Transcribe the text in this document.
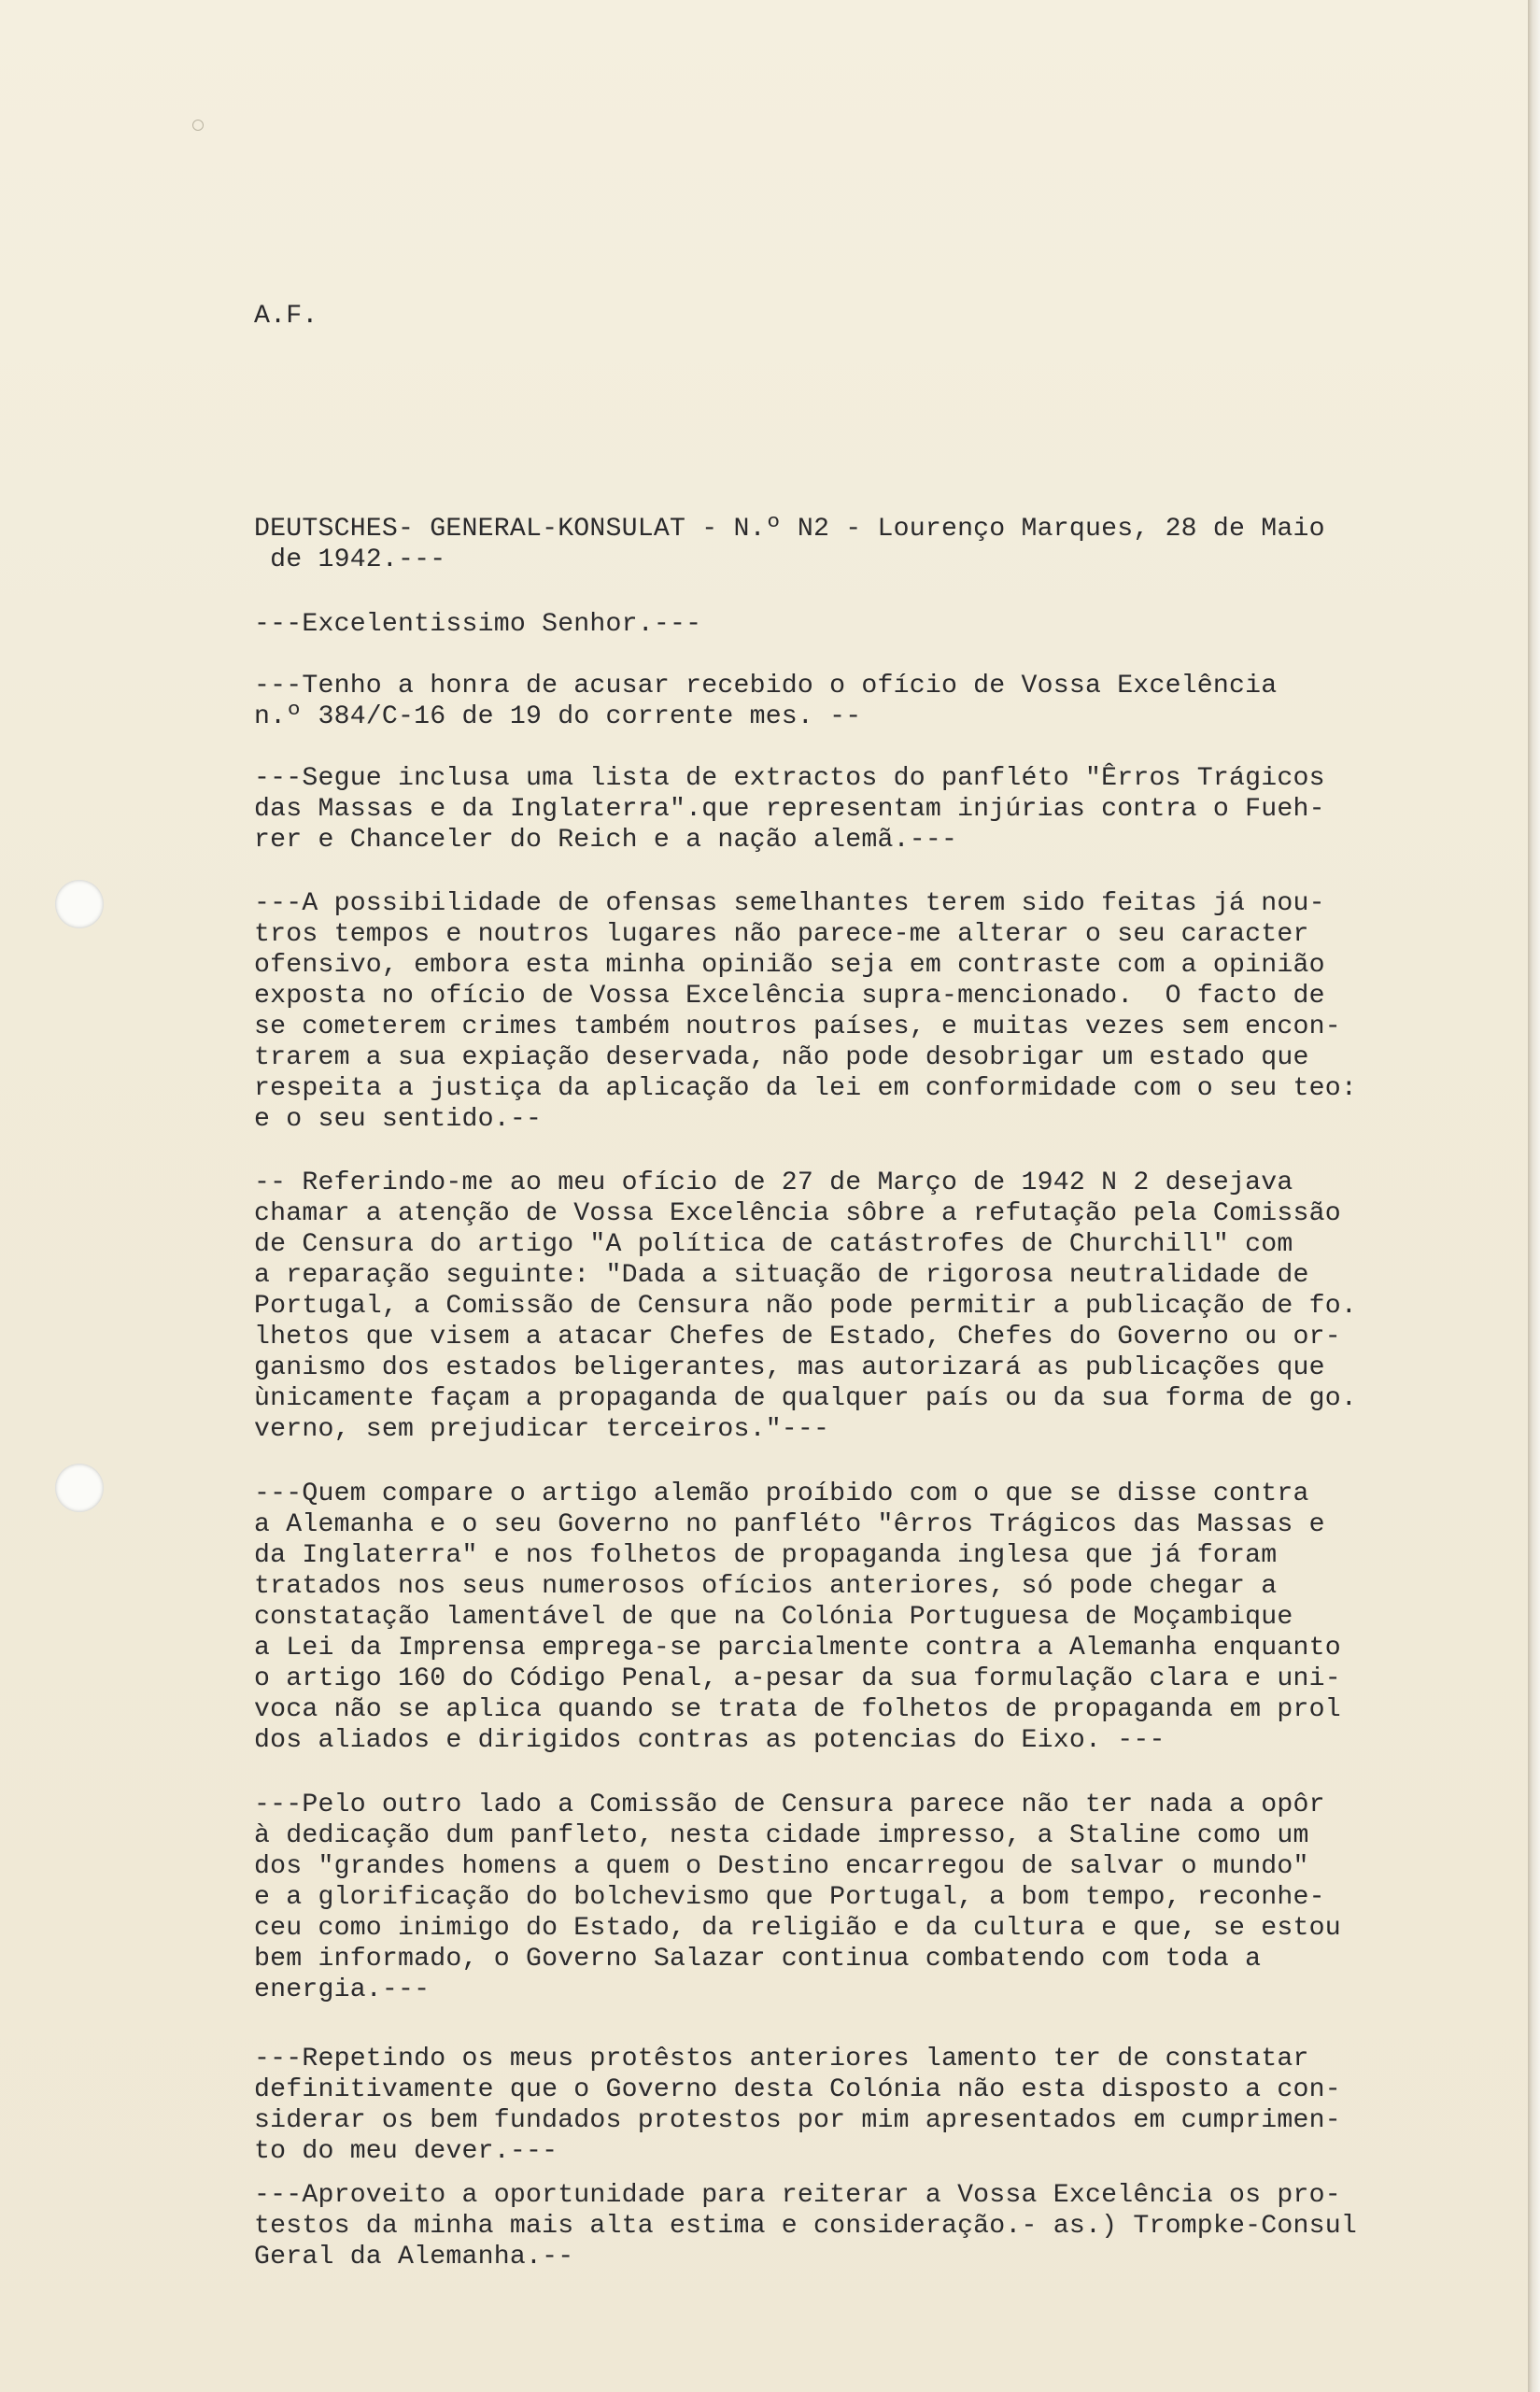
A.F.

DEUTSCHES- GENERAL-KONSULAT - N.º N2 - Lourenço Marques, 28 de Maio

de 1942.---

---Excelentissimo Senhor.---

---Tenho a honra de acusar recebido o ofício de Vossa Excelência

n.º 384/C-16 de 19 do corrente mes. --

---Segue inclusa uma lista de extractos do panfléto "Êrros Trágicos

das Massas e da Inglaterra".que representam injúrias contra o Fueh-

rer e Chanceler do Reich e a nação alemã.---

---A possibilidade de ofensas semelhantes terem sido feitas já nou-

tros tempos e noutros lugares não parece-me alterar o seu caracter

ofensivo, embora esta minha opinião seja em contraste com a opinião

exposta no ofício de Vossa Excelência supra-mencionado.  O facto de

se cometerem crimes também noutros países, e muitas vezes sem encon-

trarem a sua expiação deservada, não pode desobrigar um estado que

respeita a justiça da aplicação da lei em conformidade com o seu teo:

e o seu sentido.--

-- Referindo-me ao meu ofício de 27 de Março de 1942 N 2 desejava

chamar a atenção de Vossa Excelência sôbre a refutação pela Comissão

de Censura do artigo "A política de catástrofes de Churchill" com

a reparação seguinte: "Dada a situação de rigorosa neutralidade de

Portugal, a Comissão de Censura não pode permitir a publicação de fo.

lhetos que visem a atacar Chefes de Estado, Chefes do Governo ou or-

ganismo dos estados beligerantes, mas autorizará as publicações que

ùnicamente façam a propaganda de qualquer país ou da sua forma de go.

verno, sem prejudicar terceiros."---

---Quem compare o artigo alemão proíbido com o que se disse contra

a Alemanha e o seu Governo no panfléto "êrros Trágicos das Massas e

da Inglaterra" e nos folhetos de propaganda inglesa que já foram

tratados nos seus numerosos ofícios anteriores, só pode chegar a

constatação lamentável de que na Colónia Portuguesa de Moçambique

a Lei da Imprensa emprega-se parcialmente contra a Alemanha enquanto

o artigo 160 do Código Penal, a-pesar da sua formulação clara e uni-

voca não se aplica quando se trata de folhetos de propaganda em prol

dos aliados e dirigidos contras as potencias do Eixo. ---

---Pelo outro lado a Comissão de Censura parece não ter nada a opôr

à dedicação dum panfleto, nesta cidade impresso, a Staline como um

dos "grandes homens a quem o Destino encarregou de salvar o mundo"

e a glorificação do bolchevismo que Portugal, a bom tempo, reconhe-

ceu como inimigo do Estado, da religião e da cultura e que, se estou

bem informado, o Governo Salazar continua combatendo com toda a

energia.---

---Repetindo os meus protêstos anteriores lamento ter de constatar

definitivamente que o Governo desta Colónia não esta disposto a con-

siderar os bem fundados protestos por mim apresentados em cumprimen-

to do meu dever.---

---Aproveito a oportunidade para reiterar a Vossa Excelência os pro-

testos da minha mais alta estima e consideração.- as.) Trompke-Consul

Geral da Alemanha.--
